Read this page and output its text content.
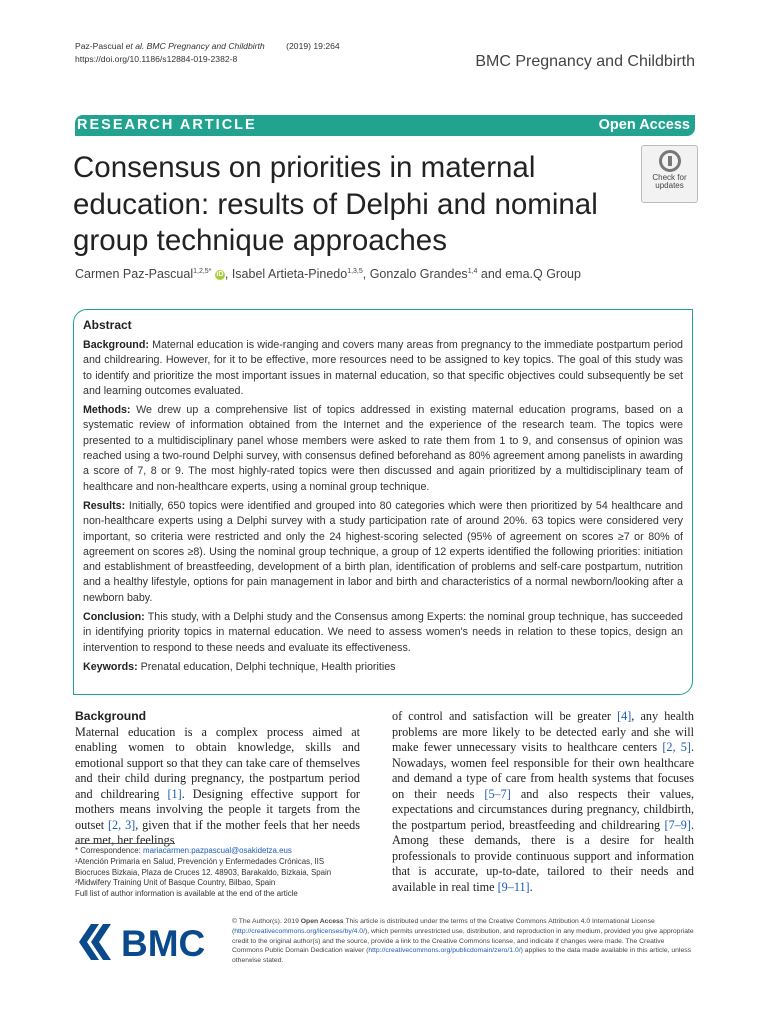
Paz-Pascual et al. BMC Pregnancy and Childbirth	(2019) 19:264
https://doi.org/10.1186/s12884-019-2382-8	BMC Pregnancy and Childbirth
RESEARCH ARTICLE	Open Access
Consensus on priorities in maternal education: results of Delphi and nominal group technique approaches
Check for
updates
Carmen Paz-Pascual$^{1,2,5*}$ iD , Isabel Artieta-Pinedo$^{1,3,5}$, Gonzalo Grandes$^{1,4}$ and ema.Q Group
Abstract

Background: Maternal education is wide-ranging and covers many areas from pregnancy to the immediate postpartum period and childrearing. However, for it to be effective, more resources need to be assigned to key topics. The goal of this study was to identify and prioritize the most important issues in maternal education, so that specific objectives could subsequently be set and learning outcomes evaluated.

Methods: We drew up a comprehensive list of topics addressed in existing maternal education programs, based on a systematic review of information obtained from the Internet and the experience of the research team. The topics were presented to a multidisciplinary panel whose members were asked to rate them from 1 to 9, and consensus of opinion was reached using a two-round Delphi survey, with consensus defined beforehand as 80% agreement among panelists in awarding a score of 7, 8 or 9. The most highly-rated topics were then discussed and again prioritized by a multidisciplinary team of healthcare and non-healthcare experts, using a nominal group technique.

Results: Initially, 650 topics were identified and grouped into 80 categories which were then prioritized by 54 healthcare and non-healthcare experts using a Delphi survey with a study participation rate of around 20%. 63 topics were considered very important, so criteria were restricted and only the 24 highest-scoring selected (95% of agreement on scores ≥7 or 80% of agreement on scores ≥8). Using the nominal group technique, a group of 12 experts identified the following priorities: initiation and establishment of breastfeeding, development of a birth plan, identification of problems and self-care postpartum, nutrition and a healthy lifestyle, options for pain management in labor and birth and characteristics of a normal newborn/looking after a newborn baby.

Conclusion: This study, with a Delphi study and the Consensus among Experts: the nominal group technique, has succeeded in identifying priority topics in maternal education. We need to assess women's needs in relation to these topics, design an intervention to respond to these needs and evaluate its effectiveness.

Keywords: Prenatal education, Delphi technique, Health priorities

Background

Maternal education is a complex process aimed at enabling women to obtain knowledge, skills and emotional support so that they can take care of themselves and their child during pregnancy, the postpartum period and childrearing [1]. Designing effective support for mothers means involving the people it targets from the outset [2, 3], given that if the mother feels that her needs are met, her feelings

of control and satisfaction will be greater [4], any health problems are more likely to be detected early and she will make fewer unnecessary visits to healthcare centers [2, 5]. Nowadays, women feel responsible for their own healthcare and demand a type of care from health systems that focuses on their needs [5–7] and also respects their values, expectations and circumstances during pregnancy, childbirth, the postpartum period, breastfeeding and childrearing [7–9]. Among these demands, there is a desire for health professionals to provide continuous support and information that is accurate, up-to-date, tailored to their needs and available in real time [9–11].

* Correspondence: mariacarmen.pazpascual@osakidetza.eus
¹Atención Primaria en Salud, Prevención y Enfermedades Crónicas, IIS Biocruces Bizkaia, Plaza de Cruces 12. 48903, Barakaldo, Bizkaia, Spain
²Midwifery Training Unit of Basque Country, Bilbao, Spain
Full list of author information is available at the end of the article
BMC
© The Author(s). 2019 Open Access This article is distributed under the terms of the Creative Commons Attribution 4.0 International License (http://creativecommons.org/licenses/by/4.0/), which permits unrestricted use, distribution, and reproduction in any medium, provided you give appropriate credit to the original author(s) and the source, provide a link to the Creative Commons license, and indicate if changes were made. The Creative Commons Public Domain Dedication waiver (http://creativecommons.org/publicdomain/zero/1.0/) applies to the data made available in this article, unless otherwise stated.
